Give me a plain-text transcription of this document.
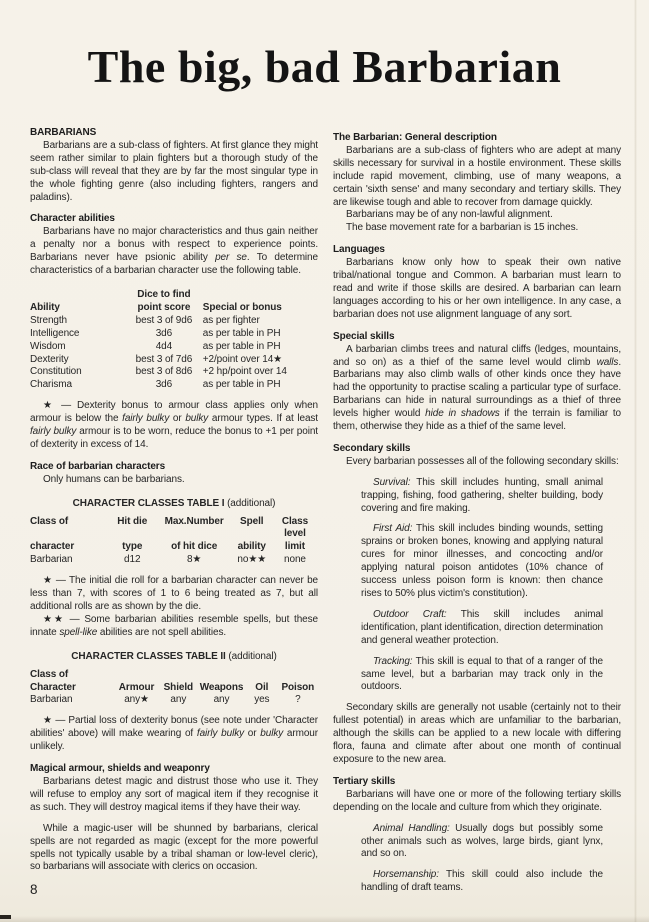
The big, bad Barbarian
BARBARIANS

Barbarians are a sub-class of fighters. At first glance they might seem rather similar to plain fighters but a thorough study of the sub-class will reveal that they are by far the most singular type in the whole fighting genre (also including fighters, rangers and paladins).

Character abilities

Barbarians have no major characteristics and thus gain neither a penalty nor a bonus with respect to experience points. Barbarians never have psionic ability per se. To determine characteristics of a barbarian character use the following table.

	Dice to find	
Ability	point score	Special or bonus
Strength	best 3 of 9d6	as per fighter
Intelligence	3d6	as per table in PH
Wisdom	4d4	as per table in PH
Dexterity	best 3 of 7d6	+2/point over 14★
Constitution	best 3 of 8d6	+2 hp/point over 14
Charisma	3d6	as per table in PH

★ — Dexterity bonus to armour class applies only when armour is below the fairly bulky or bulky armour types. If at least fairly bulky armour is to be worn, reduce the bonus to +1 per point of dexterity in excess of 14.

Race of barbarian characters

Only humans can be barbarians.

CHARACTER CLASSES TABLE I (additional)
Class of	Hit die	Max.Number	Spell	Class level
character	type	of hit dice	ability	limit
Barbarian	d12	8★	no★★	none

★ — The initial die roll for a barbarian character can never be less than 7, with scores of 1 to 6 being treated as 7, but all additional rolls are as shown by the die.

★★ — Some barbarian abilities resemble spells, but these innate spell-like abilities are not spell abilities.

CHARACTER CLASSES TABLE II (additional)
Class of					
Character	Armour	Shield	Weapons	Oil	Poison
Barbarian	any★	any	any	yes	?

★ — Partial loss of dexterity bonus (see note under 'Character abilities' above) will make wearing of fairly bulky or bulky armour unlikely.

Magical armour, shields and weaponry

Barbarians detest magic and distrust those who use it. They will refuse to employ any sort of magical item if they recognise it as such. They will destroy magical items if they have their way.

While a magic-user will be shunned by barbarians, clerical spells are not regarded as magic (except for the more powerful spells not typically usable by a tribal shaman or low-level cleric), so barbarians will associate with clerics on occasion.

8
The Barbarian: General description

Barbarians are a sub-class of fighters who are adept at many skills necessary for survival in a hostile environment. These skills include rapid movement, climbing, use of many weapons, a certain 'sixth sense' and many secondary and tertiary skills. They are likewise tough and able to recover from damage quickly.

Barbarians may be of any non-lawful alignment.

The base movement rate for a barbarian is 15 inches.

Languages

Barbarians know only how to speak their own native tribal/national tongue and Common. A barbarian must learn to read and write if those skills are desired. A barbarian can learn languages according to his or her own intelligence. In any case, a barbarian does not use alignment language of any sort.

Special skills

A barbarian climbs trees and natural cliffs (ledges, mountains, and so on) as a thief of the same level would climb walls. Barbarians may also climb walls of other kinds once they have had the opportunity to practise scaling a particular type of surface. Barbarians can hide in natural surroundings as a thief of three levels higher would hide in shadows if the terrain is familiar to them, otherwise they hide as a thief of the same level.

Secondary skills

Every barbarian possesses all of the following secondary skills:

Survival: This skill includes hunting, small animal trapping, fishing, food gathering, shelter building, body covering and fire making.

First Aid: This skill includes binding wounds, setting sprains or broken bones, knowing and applying natural cures for minor illnesses, and concocting and/or applying natural poison antidotes (10% chance of success unless poison form is known: then chance rises to 50% plus victim's constitution).

Outdoor Craft: This skill includes animal identification, plant identification, direction determination and general weather protection.

Tracking: This skill is equal to that of a ranger of the same level, but a barbarian may track only in the outdoors.

Secondary skills are generally not usable (certainly not to their fullest potential) in areas which are unfamiliar to the barbarian, although the skills can be applied to a new locale with differing flora, fauna and climate after about one month of continual exposure to the new area.

Tertiary skills

Barbarians will have one or more of the following tertiary skills depending on the locale and culture from which they originate.

Animal Handling: Usually dogs but possibly some other animals such as wolves, large birds, giant lynx, and so on.

Horsemanship: This skill could also include the handling of draft teams.
